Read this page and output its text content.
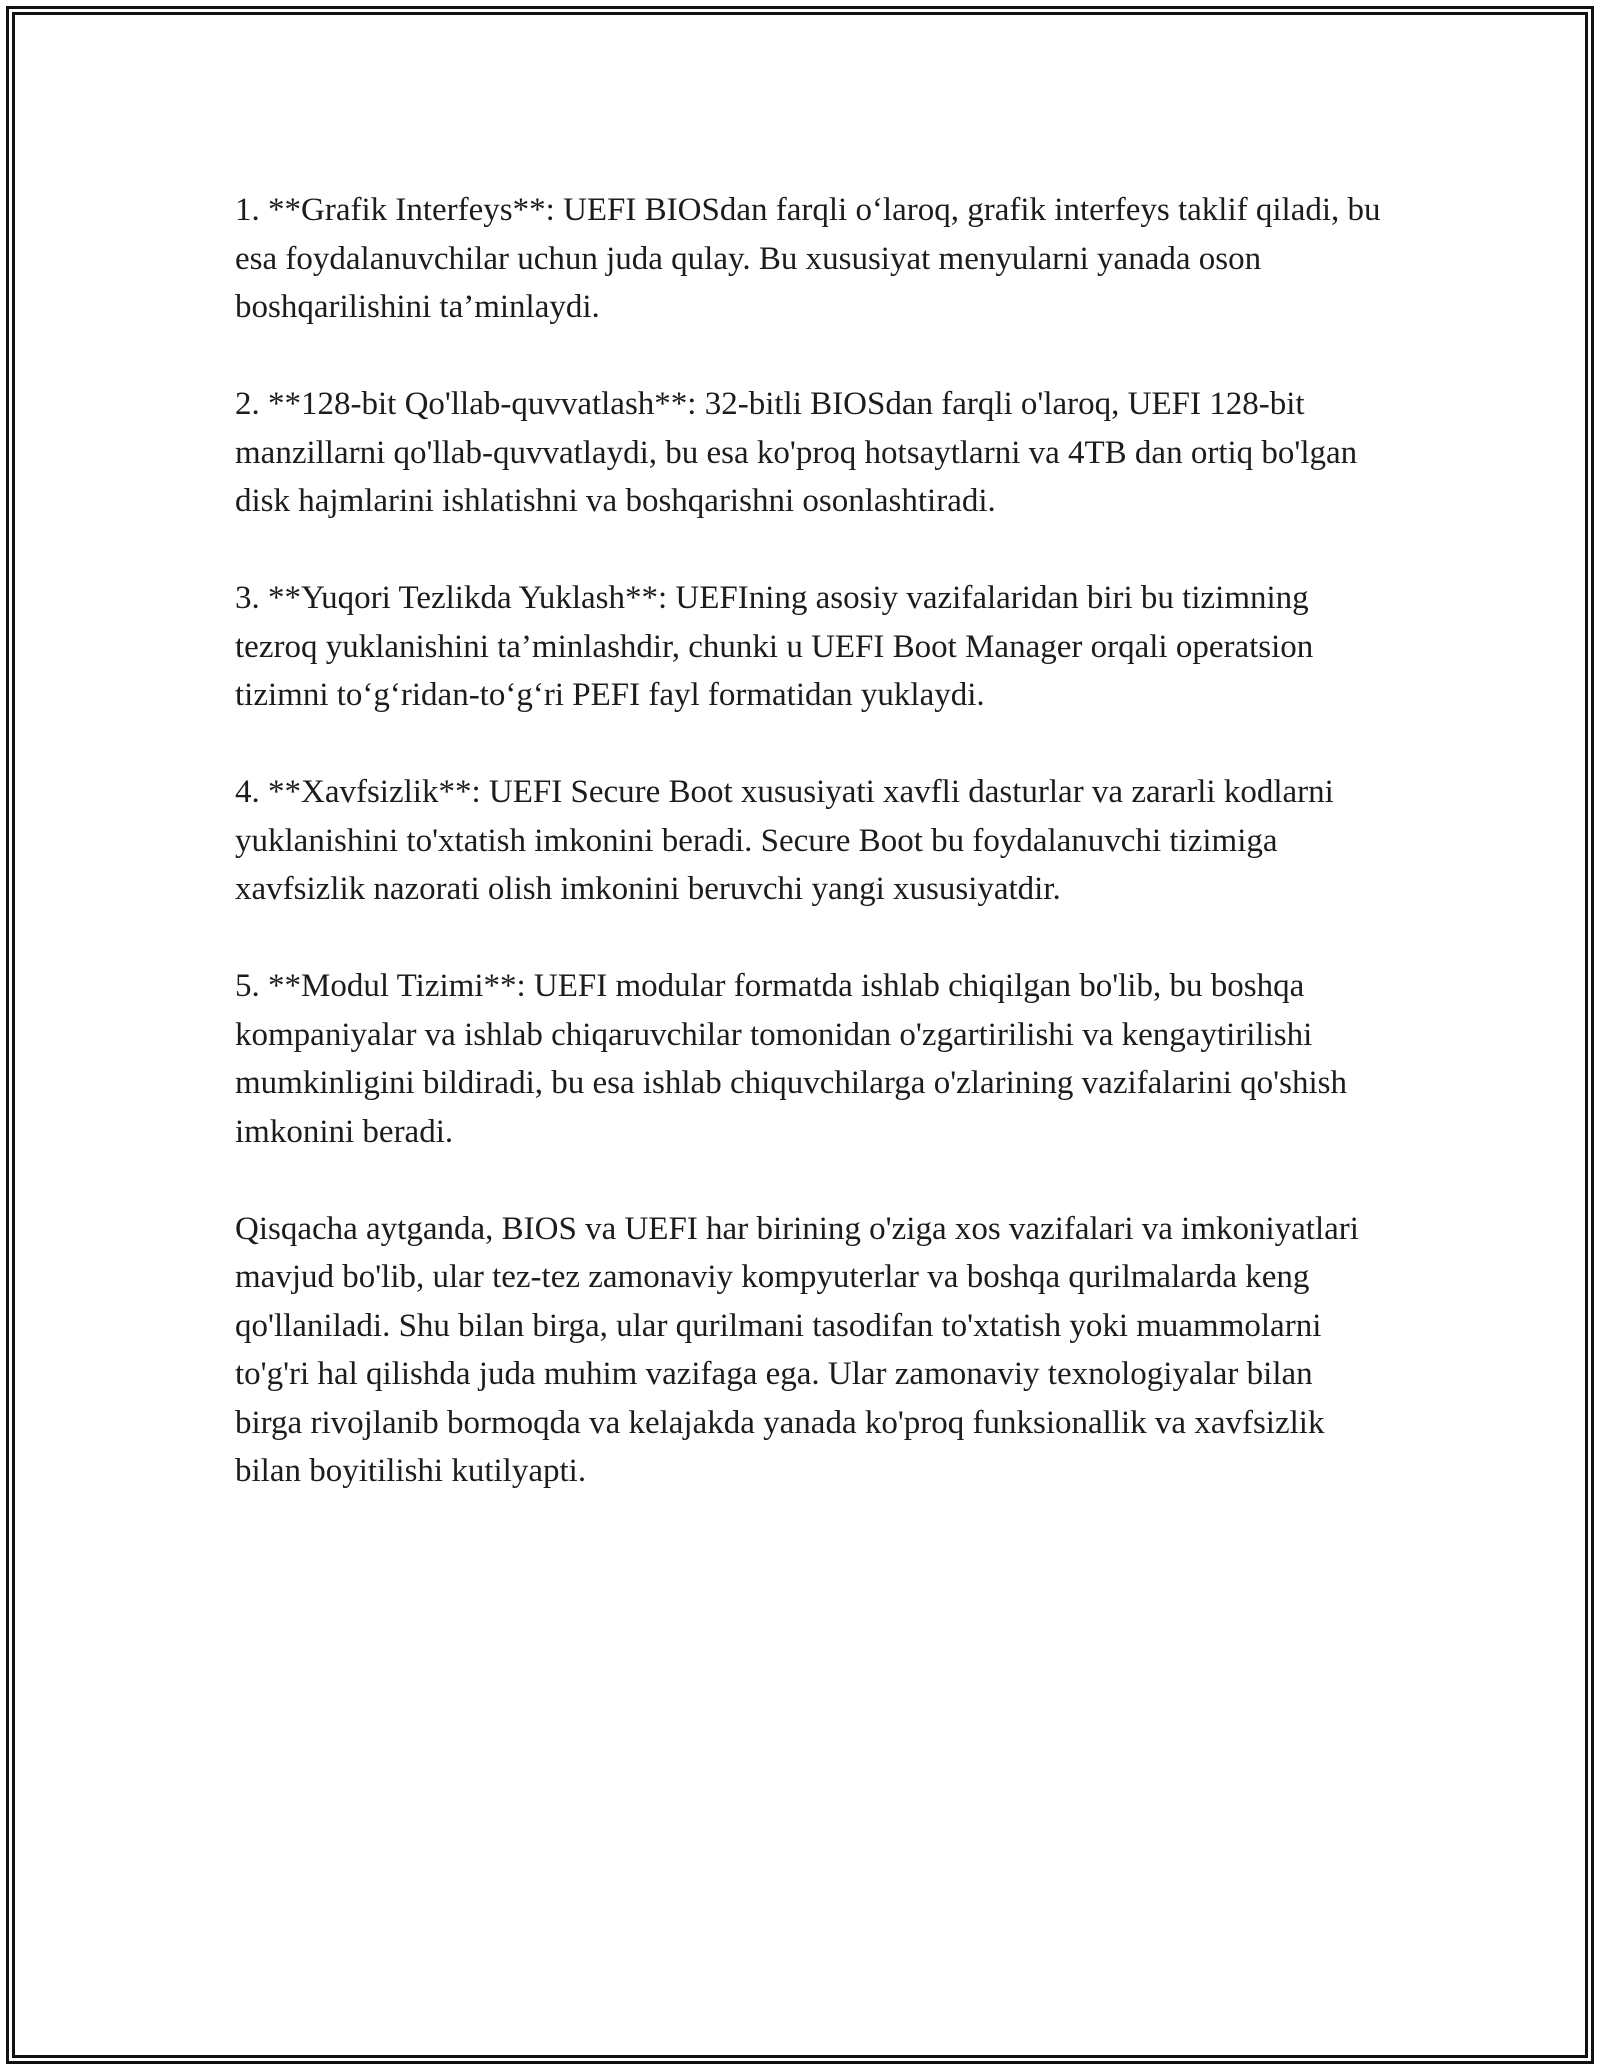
1. **Grafik Interfeys**: UEFI BIOSdan farqli o‘laroq, grafik interfeys taklif qiladi, bu esa foydalanuvchilar uchun juda qulay. Bu xususiyat menyularni yanada oson boshqarilishini ta’minlaydi.

2. **128-bit Qo'llab-quvvatlash**: 32-bitli BIOSdan farqli o'laroq, UEFI 128-bit manzillarni qo'llab-quvvatlaydi, bu esa ko'proq hotsaytlarni va 4TB dan ortiq bo'lgan disk hajmlarini ishlatishni va boshqarishni osonlashtiradi.

3. **Yuqori Tezlikda Yuklash**: UEFIning asosiy vazifalaridan biri bu tizimning tezroq yuklanishini ta’minlashdir, chunki u UEFI Boot Manager orqali operatsion tizimni to‘g‘ridan-to‘g‘ri PEFI fayl formatidan yuklaydi.

4. **Xavfsizlik**: UEFI Secure Boot xususiyati xavfli dasturlar va zararli kodlarni yuklanishini to'xtatish imkonini beradi. Secure Boot bu foydalanuvchi tizimiga xavfsizlik nazorati olish imkonini beruvchi yangi xususiyatdir.

5. **Modul Tizimi**: UEFI modular formatda ishlab chiqilgan bo'lib, bu boshqa kompaniyalar va ishlab chiqaruvchilar tomonidan o'zgartirilishi va kengaytirilishi mumkinligini bildiradi, bu esa ishlab chiquvchilarga o'zlarining vazifalarini qo'shish imkonini beradi.

Qisqacha aytganda, BIOS va UEFI har birining o'ziga xos vazifalari va imkoniyatlari mavjud bo'lib, ular tez-tez zamonaviy kompyuterlar va boshqa qurilmalarda keng qo'llaniladi. Shu bilan birga, ular qurilmani tasodifan to'xtatish yoki muammolarni to'g'ri hal qilishda juda muhim vazifaga ega. Ular zamonaviy texnologiyalar bilan birga rivojlanib bormoqda va kelajakda yanada ko'proq funksionallik va xavfsizlik bilan boyitilishi kutilyapti.
